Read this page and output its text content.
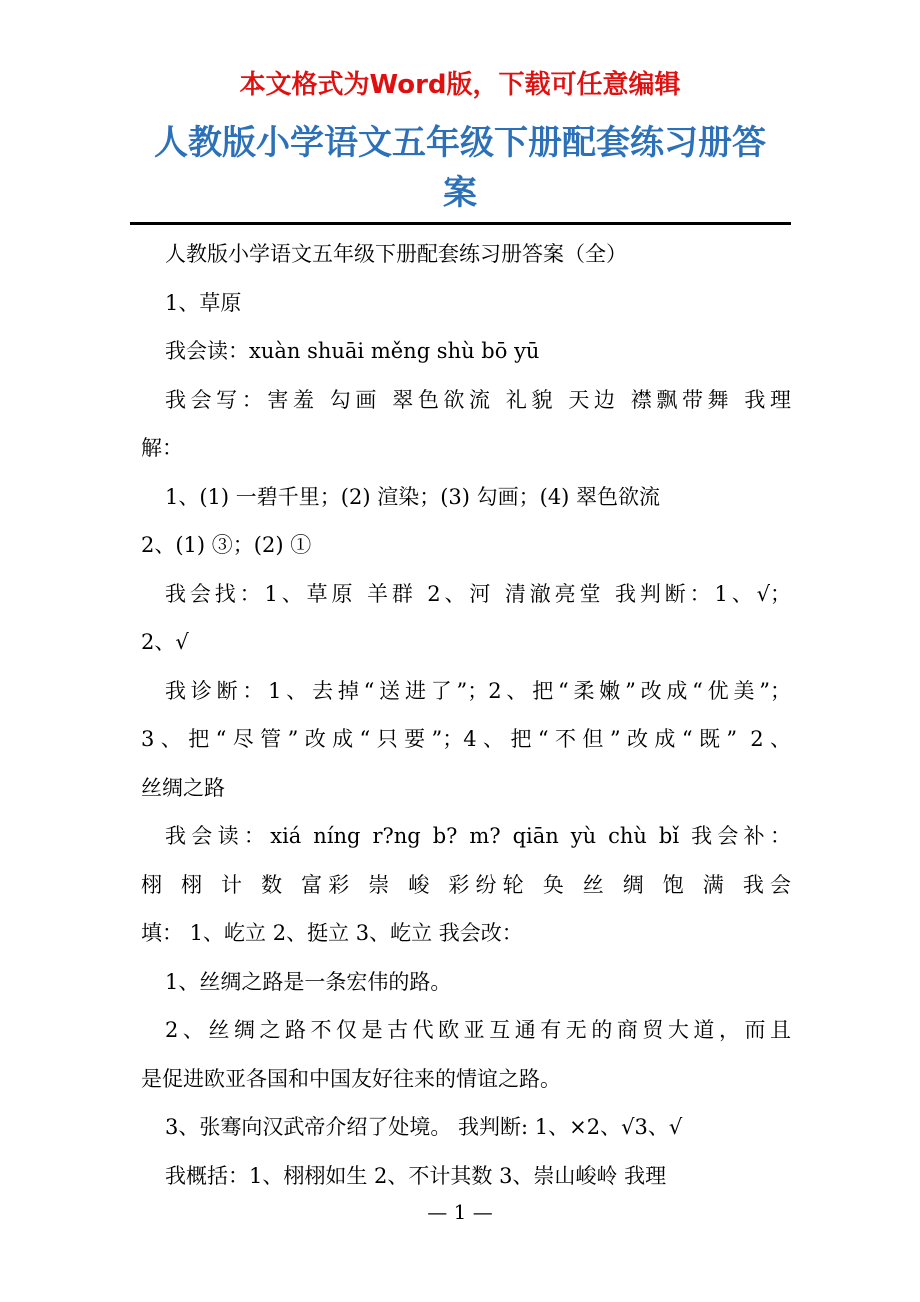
本文格式为Word版，下载可任意编辑
人教版小学语文五年级下册配套练习册答案

人教版小学语文五年级下册配套练习册答案（全）

1、草原

我会读：xuàn shuāi měng shù bō yū

我会写：害羞 勾画 翠色欲流 礼貌 天边 襟飘带舞 我理

解：

1、(1) 一碧千里；(2) 渲染；(3) 勾画；(4) 翠色欲流

2、(1) ③；(2) ①

我会找：1、草原 羊群 2、河 清澈亮堂 我判断：1、√；

2、√

我诊断：1、去掉“送进了”；2、把“柔嫩”改成“优美”；

3、把“尽管”改成“只要”；4、把“不但”改成“既” 2、

丝绸之路

我会读：xiá níng r?ng b? m? qiān yù chù bǐ 我会补：

栩 栩 计 数 富彩 崇 峻 彩纷轮 奂 丝 绸 饱 满 我会

填： 1、屹立 2、挺立 3、屹立 我会改：

1、丝绸之路是一条宏伟的路。

2、丝绸之路不仅是古代欧亚互通有无的商贸大道，而且

是促进欧亚各国和中国友好往来的情谊之路。

3、张骞向汉武帝介绍了处境。 我判断: 1、×2、√3、√

我概括：1、栩栩如生 2、不计其数 3、崇山峻岭 我理

— 1 —
